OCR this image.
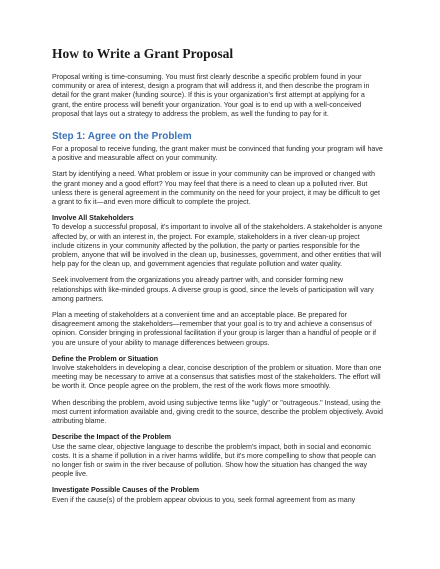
How to Write a Grant Proposal

Proposal writing is time-consuming. You must first clearly describe a specific problem found in your community or area of interest, design a program that will address it, and then describe the program in detail for the grant maker (funding source). If this is your organization's first attempt at applying for a grant, the entire process will benefit your organization. Your goal is to end up with a well-conceived proposal that lays out a strategy to address the problem, as well the funding to pay for it.

Step 1: Agree on the Problem

For a proposal to receive funding, the grant maker must be convinced that funding your program will have a positive and measurable affect on your community.

Start by identifying a need. What problem or issue in your community can be improved or changed with the grant money and a good effort? You may feel that there is a need to clean up a polluted river. But unless there is general agreement in the community on the need for your project, it may be difficult to get a grant to fix it—and even more difficult to complete the project.

Involve All Stakeholders

To develop a successful proposal, it's important to involve all of the stakeholders. A stakeholder is anyone affected by, or with an interest in, the project. For example, stakeholders in a river clean-up project include citizens in your community affected by the pollution, the party or parties responsible for the problem, anyone that will be involved in the clean up, businesses, government, and other entities that will help pay for the clean up, and government agencies that regulate pollution and water quality.

Seek involvement from the organizations you already partner with, and consider forming new relationships with like-minded groups. A diverse group is good, since the levels of participation will vary among partners.

Plan a meeting of stakeholders at a convenient time and an acceptable place. Be prepared for disagreement among the stakeholders—remember that your goal is to try and achieve a consensus of opinion. Consider bringing in professional facilitation if your group is larger than a handful of people or if you are unsure of your ability to manage differences between groups.

Define the Problem or Situation

Involve stakeholders in developing a clear, concise description of the problem or situation. More than one meeting may be necessary to arrive at a consensus that satisfies most of the stakeholders. The effort will be worth it. Once people agree on the problem, the rest of the work flows more smoothly.

When describing the problem, avoid using subjective terms like "ugly" or "outrageous." Instead, using the most current information available and, giving credit to the source, describe the problem objectively. Avoid attributing blame.

Describe the Impact of the Problem

Use the same clear, objective language to describe the problem's impact, both in social and economic costs. It is a shame if pollution in a river harms wildlife, but it's more compelling to show that people can no longer fish or swim in the river because of pollution. Show how the situation has changed the way people live.

Investigate Possible Causes of the Problem

Even if the cause(s) of the problem appear obvious to you, seek formal agreement from as many
